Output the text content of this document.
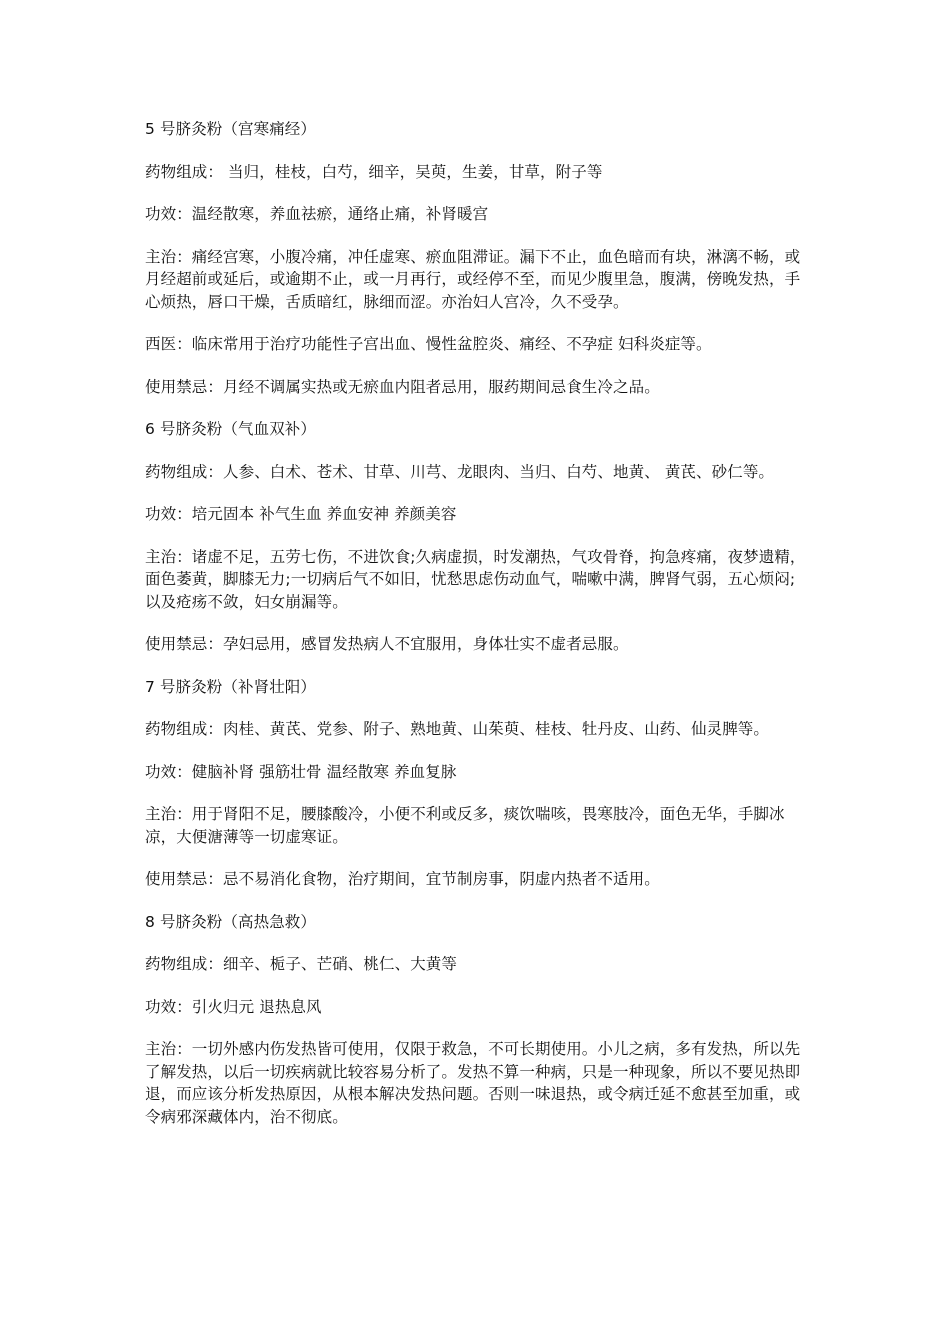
5 号脐灸粉（宫寒痛经）

药物组成： 当归，桂枝，白芍，细辛，吴萸，生姜，甘草，附子等

功效：温经散寒，养血祛瘀，通络止痛，补肾暖宫

主治：痛经宫寒，小腹冷痛，冲任虚寒、瘀血阻滞证。漏下不止，血色暗而有块，淋漓不畅，或月经超前或延后，或逾期不止，或一月再行，或经停不至，而见少腹里急，腹满，傍晚发热，手心烦热，唇口干燥，舌质暗红，脉细而涩。亦治妇人宫冷，久不受孕。

西医：临床常用于治疗功能性子宫出血、慢性盆腔炎、痛经、不孕症 妇科炎症等。

使用禁忌：月经不调属实热或无瘀血内阻者忌用，服药期间忌食生冷之品。

6 号脐灸粉（气血双补）

药物组成：人参、白术、苍术、甘草、川芎、龙眼肉、当归、白芍、地黄、 黄芪、砂仁等。

功效：培元固本 补气生血 养血安神 养颜美容

主治：诸虚不足，五劳七伤，不进饮食;久病虚损，时发潮热，气攻骨脊，拘急疼痛，夜梦遗精，面色萎黄，脚膝无力;一切病后气不如旧，忧愁思虑伤动血气，喘嗽中满，脾肾气弱，五心烦闷;以及疮疡不敛，妇女崩漏等。

使用禁忌：孕妇忌用，感冒发热病人不宜服用，身体壮实不虚者忌服。

7 号脐灸粉（补肾壮阳）

药物组成：肉桂、黄芪、党参、附子、熟地黄、山茱萸、桂枝、牡丹皮、山药、仙灵脾等。

功效：健脑补肾 强筋壮骨 温经散寒 养血复脉

主治：用于肾阳不足，腰膝酸冷，小便不利或反多，痰饮喘咳，畏寒肢冷，面色无华，手脚冰凉，大便溏薄等一切虚寒证。

使用禁忌：忌不易消化食物，治疗期间，宜节制房事，阴虚内热者不适用。

8 号脐灸粉（高热急救）

药物组成：细辛、栀子、芒硝、桃仁、大黄等

功效：引火归元 退热息风

主治：一切外感内伤发热皆可使用，仅限于救急，不可长期使用。小儿之病，多有发热，所以先了解发热，以后一切疾病就比较容易分析了。发热不算一种病，只是一种现象，所以不要见热即退，而应该分析发热原因，从根本解决发热问题。否则一味退热，或令病迁延不愈甚至加重，或令病邪深藏体内，治不彻底。
